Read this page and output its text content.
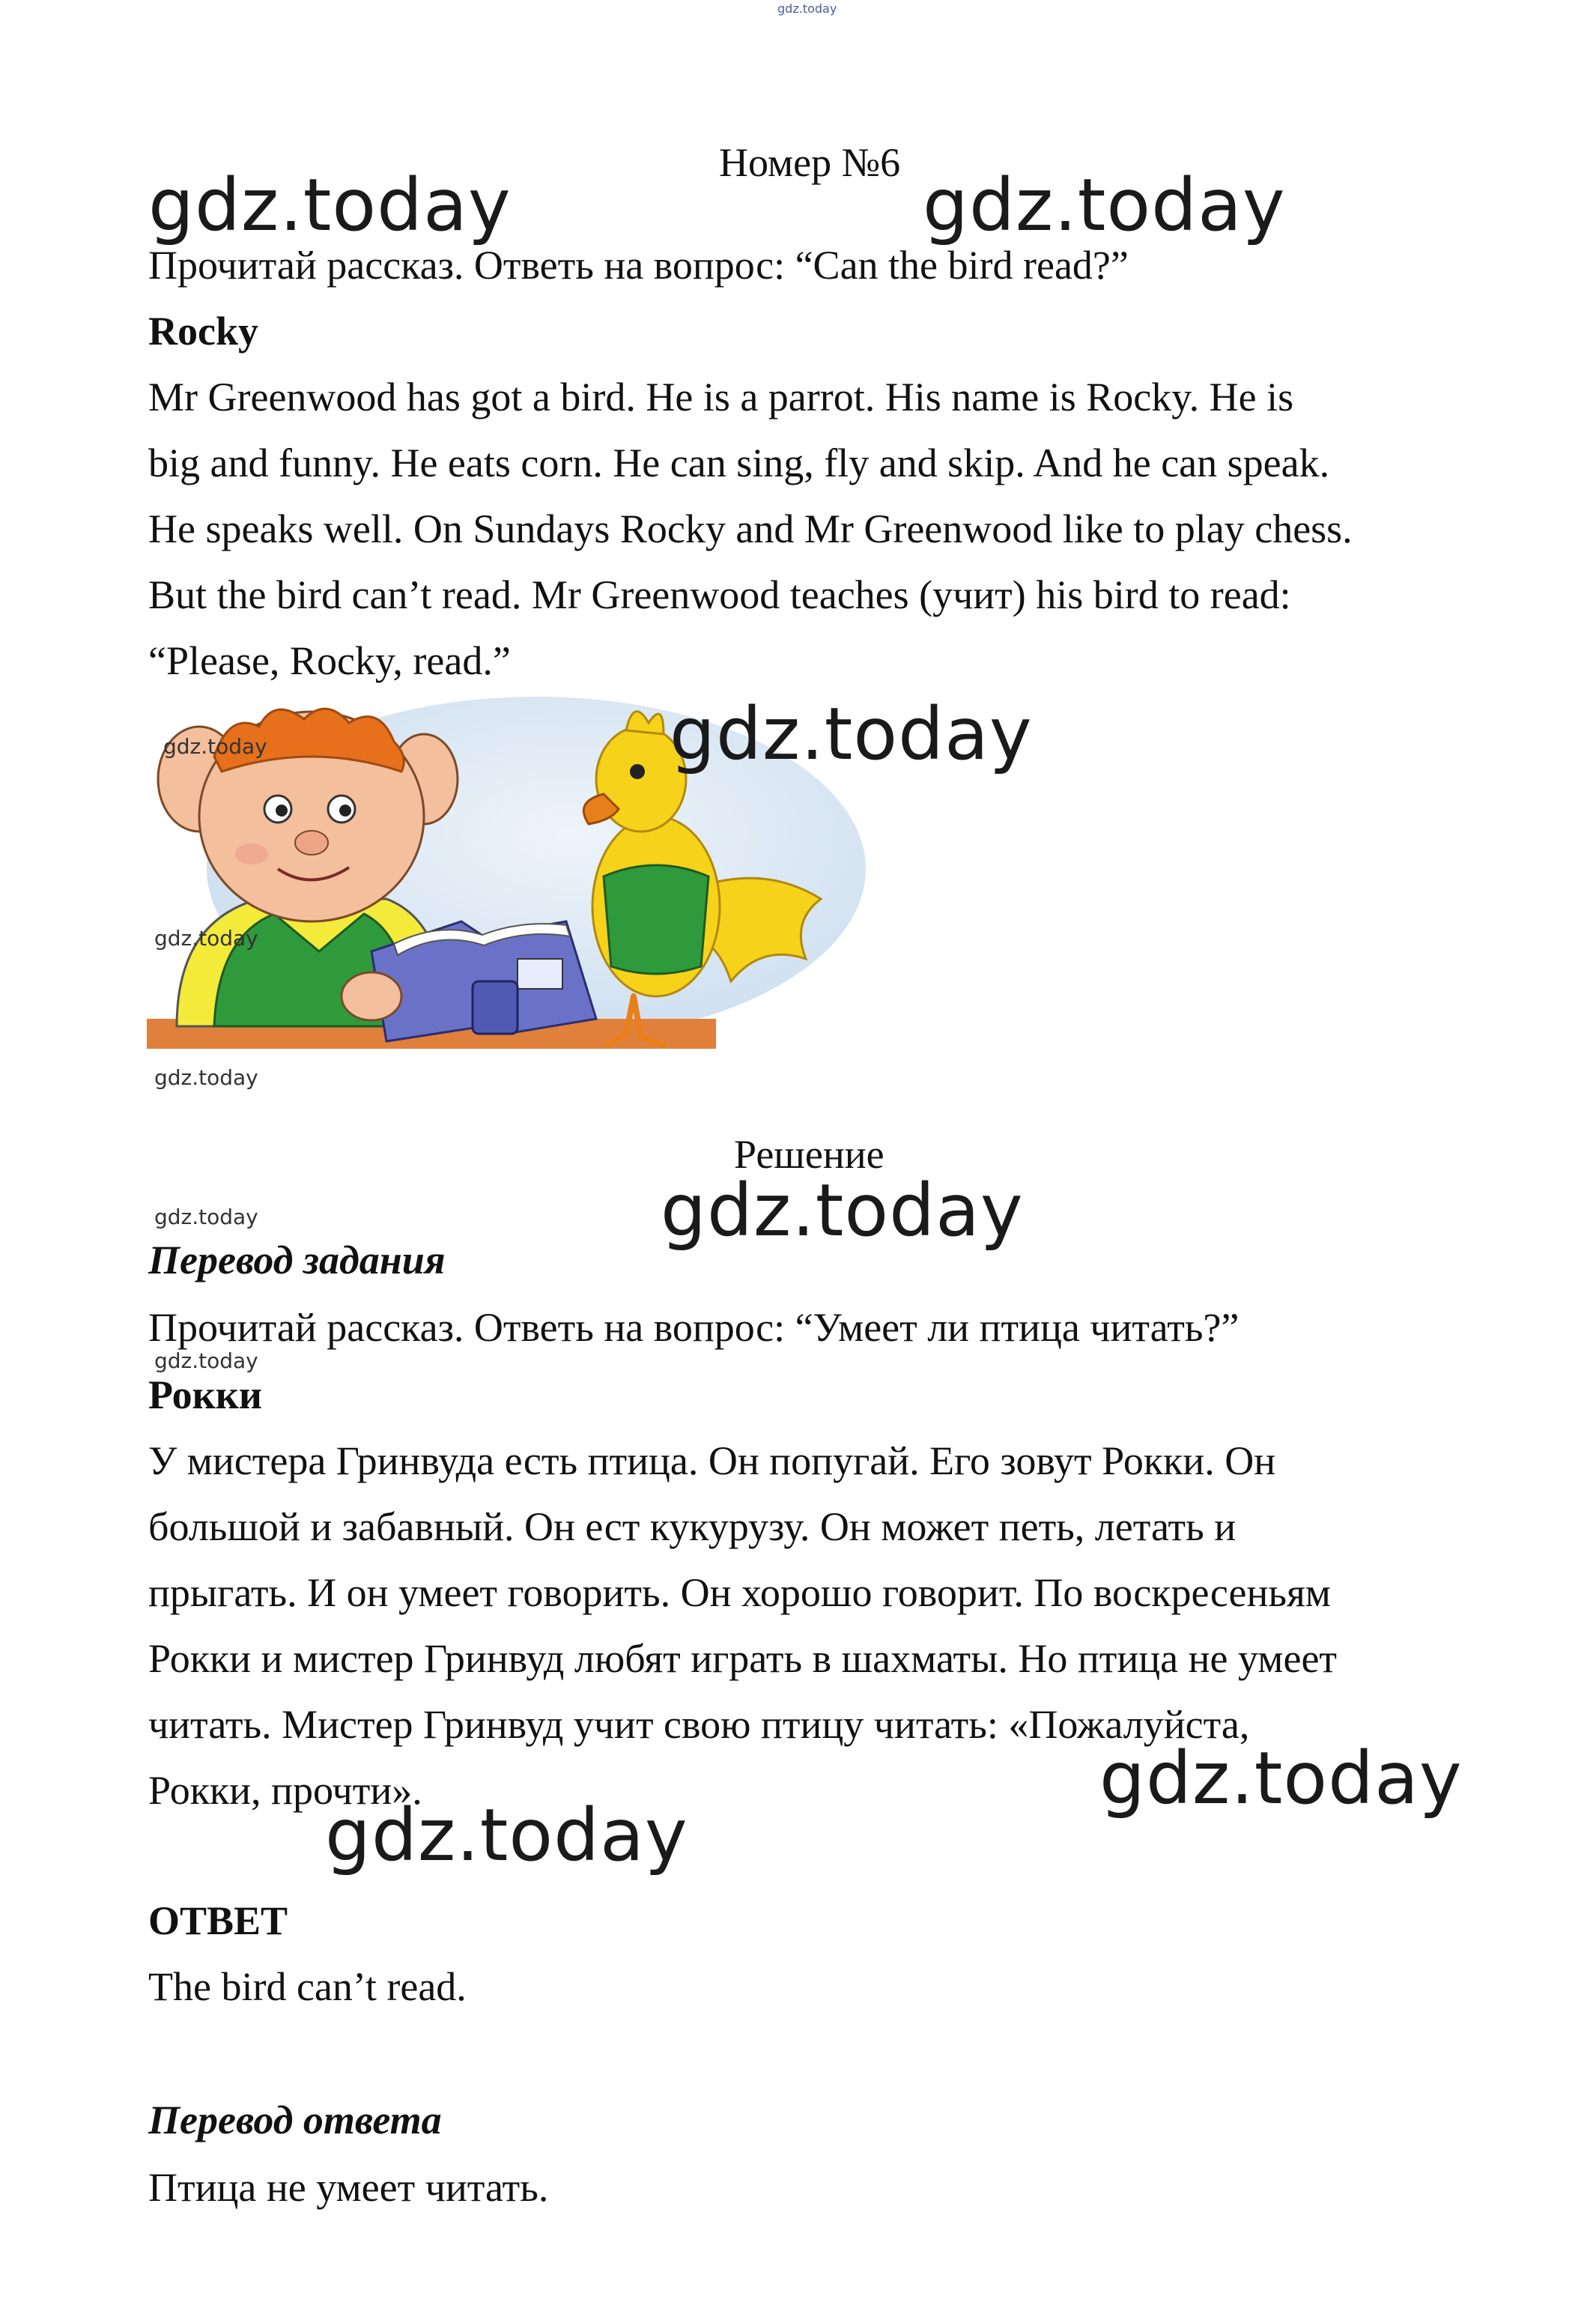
gdz.today
Номер №6
gdz.today	gdz.today
Прочитай рассказ. Ответь на вопрос: “Can the bird read?”
Rocky
Mr Greenwood has got a bird. He is a parrot. His name is Rocky. He is
big and funny. He eats corn. He can sing, fly and skip. And he can speak.
He speaks well. On Sundays Rocky and Mr Greenwood like to play chess.
But the bird can’t read. Mr Greenwood teaches (учит) his bird to read:
“Please, Rocky, read.”
gdz.today
gdz.today
gdz.today
gdz.today
Решение
gdz.today
gdz.today
Перевод задания
Прочитай рассказ. Ответь на вопрос: “Умеет ли птица читать?”
gdz.today
Рокки
У мистера Гринвуда есть птица. Он попугай. Его зовут Рокки. Он
большой и забавный. Он ест кукурузу. Он может петь, летать и
прыгать. И он умеет говорить. Он хорошо говорит. По воскресеньям
Рокки и мистер Гринвуд любят играть в шахматы. Но птица не умеет
читать. Мистер Гринвуд учит свою птицу читать: «Пожалуйста,
Рокки, прочти».	gdz.today
gdz.today
ОТВЕТ
The bird can’t read.
Перевод ответа
Птица не умеет читать.
